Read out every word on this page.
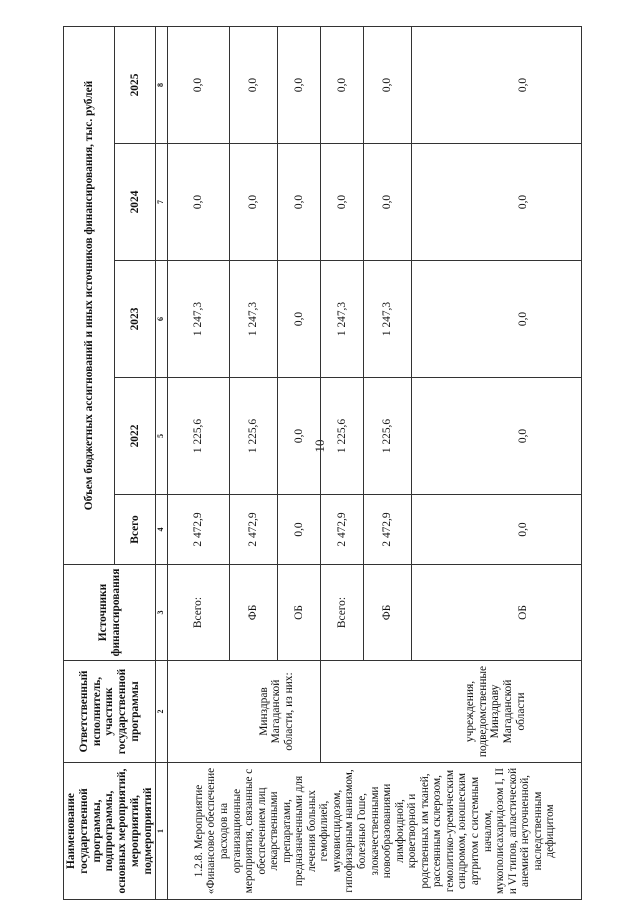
10
Наименование государственной программы, подпрограммы, основных мероприятий, мероприятий, подмероприятий	Ответственный исполнитель, участник государственной программы	Источники финансирования	Объем бюджетных ассигнований и иных источников финансирования, тыс. рублей				
			Всего	2022	2023	2024	2025
1	2	3	4	5	6	7	8
1.2.8. Мероприятие «Финансовое обеспечение расходов на организационные мероприятия, связанные с обеспечением лиц лекарственными препаратами, предназначенными для лечения больных гемофилией, муковисцидозом, гипофизарным нанизмом, болезнью Гоше, злокачественными новообразованиями лимфоидной, кроветворной и родственных им тканей, рассеянным склерозом, гемолитико-уремическим синдромом, юношеским артритом с системным началом, мукополисахаридозом I, II и VI типов, апластической анемией неуточненной, наследственным дефицитом	Минздрав Магаданской области, из них:	Всего:	2 472,9	1 225,6	1 247,3	0,0	0,0
		ФБ	2 472,9	1 225,6	1 247,3	0,0	0,0
		ОБ	0,0	0,0	0,0	0,0	0,0
	учреждения, подведомственные Минздраву Магаданской области	Всего:	2 472,9	1 225,6	1 247,3	0,0	0,0
		ФБ	2 472,9	1 225,6	1 247,3	0,0	0,0
		ОБ	0,0	0,0	0,0	0,0	0,0
